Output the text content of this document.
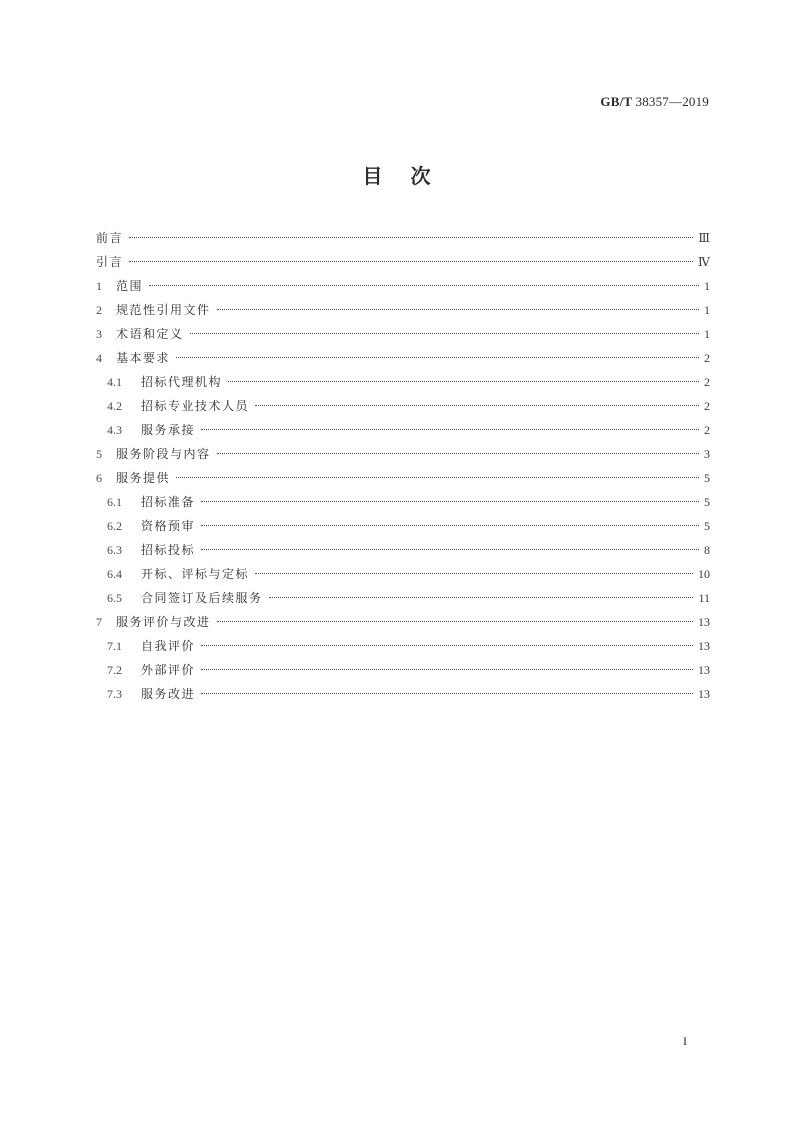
GB/T 38357—2019
目次
前言	Ⅲ
引言	Ⅳ
1	范围	1
2	规范性引用文件	1
3	术语和定义	1
4	基本要求	2
4.1	招标代理机构	2
4.2	招标专业技术人员	2
4.3	服务承接	2
5	服务阶段与内容	3
6	服务提供	5
6.1	招标准备	5
6.2	资格预审	5
6.3	招标投标	8
6.4	开标、评标与定标	10
6.5	合同签订及后续服务	11
7	服务评价与改进	13
7.1	自我评价	13
7.2	外部评价	13
7.3	服务改进	13
I
